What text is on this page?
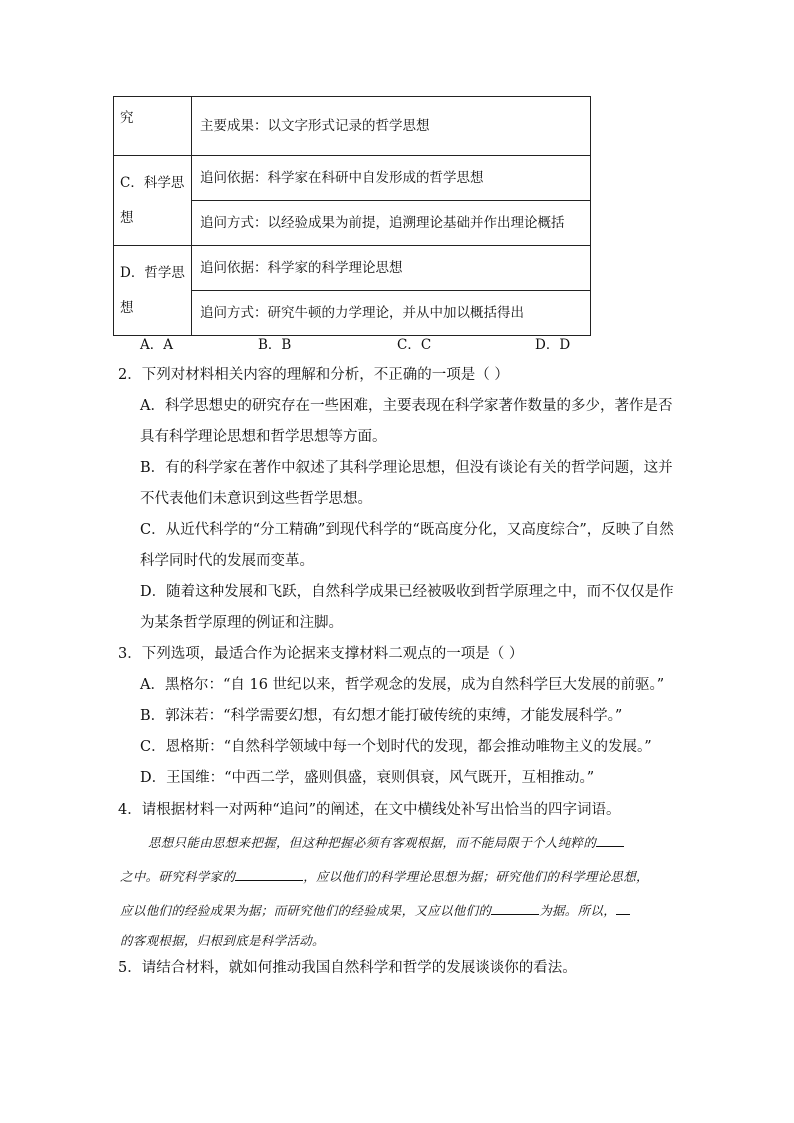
究	主要成果：以文字形式记录的哲学思想
C．科学思想	追问依据：科学家在科研中自发形成的哲学思想
	追问方式：以经验成果为前提，追溯理论基础并作出理论概括
D．哲学思想	追问依据：科学家的科学理论思想
	追问方式：研究牛顿的力学理论，并从中加以概括得出
A．A	B．B	C．C	D．D
2．下列对材料相关内容的理解和分析，不正确的一项是（ ）
A．科学思想史的研究存在一些困难，主要表现在科学家著作数量的多少，著作是否具有科学理论思想和哲学思想等方面。
B．有的科学家在著作中叙述了其科学理论思想，但没有谈论有关的哲学问题，这并不代表他们未意识到这些哲学思想。
C．从近代科学的“分工精确”到现代科学的“既高度分化，又高度综合”，反映了自然科学同时代的发展而变革。
D．随着这种发展和飞跃，自然科学成果已经被吸收到哲学原理之中，而不仅仅是作为某条哲学原理的例证和注脚。
3．下列选项，最适合作为论据来支撑材料二观点的一项是（ ）
A．黑格尔：“自 16 世纪以来，哲学观念的发展，成为自然科学巨大发展的前驱。”
B．郭沫若：“科学需要幻想，有幻想才能打破传统的束缚，才能发展科学。”
C．恩格斯：“自然科学领域中每一个划时代的发现，都会推动唯物主义的发展。”
D．王国维：“中西二学，盛则俱盛，衰则俱衰，风气既开，互相推动。”
4．请根据材料一对两种“追问”的阐述，在文中横线处补写出恰当的四字词语。
思想只能由思想来把握，但这种把握必须有客观根据，而不能局限于个人纯粹的
之中。研究科学家的	，应以他们的科学理论思想为据；研究他们的科学理论思想，
应以他们的经验成果为据；而研究他们的经验成果，又应以他们的	为据。所以，
的客观根据，归根到底是科学活动。
5．请结合材料，就如何推动我国自然科学和哲学的发展谈谈你的看法。
